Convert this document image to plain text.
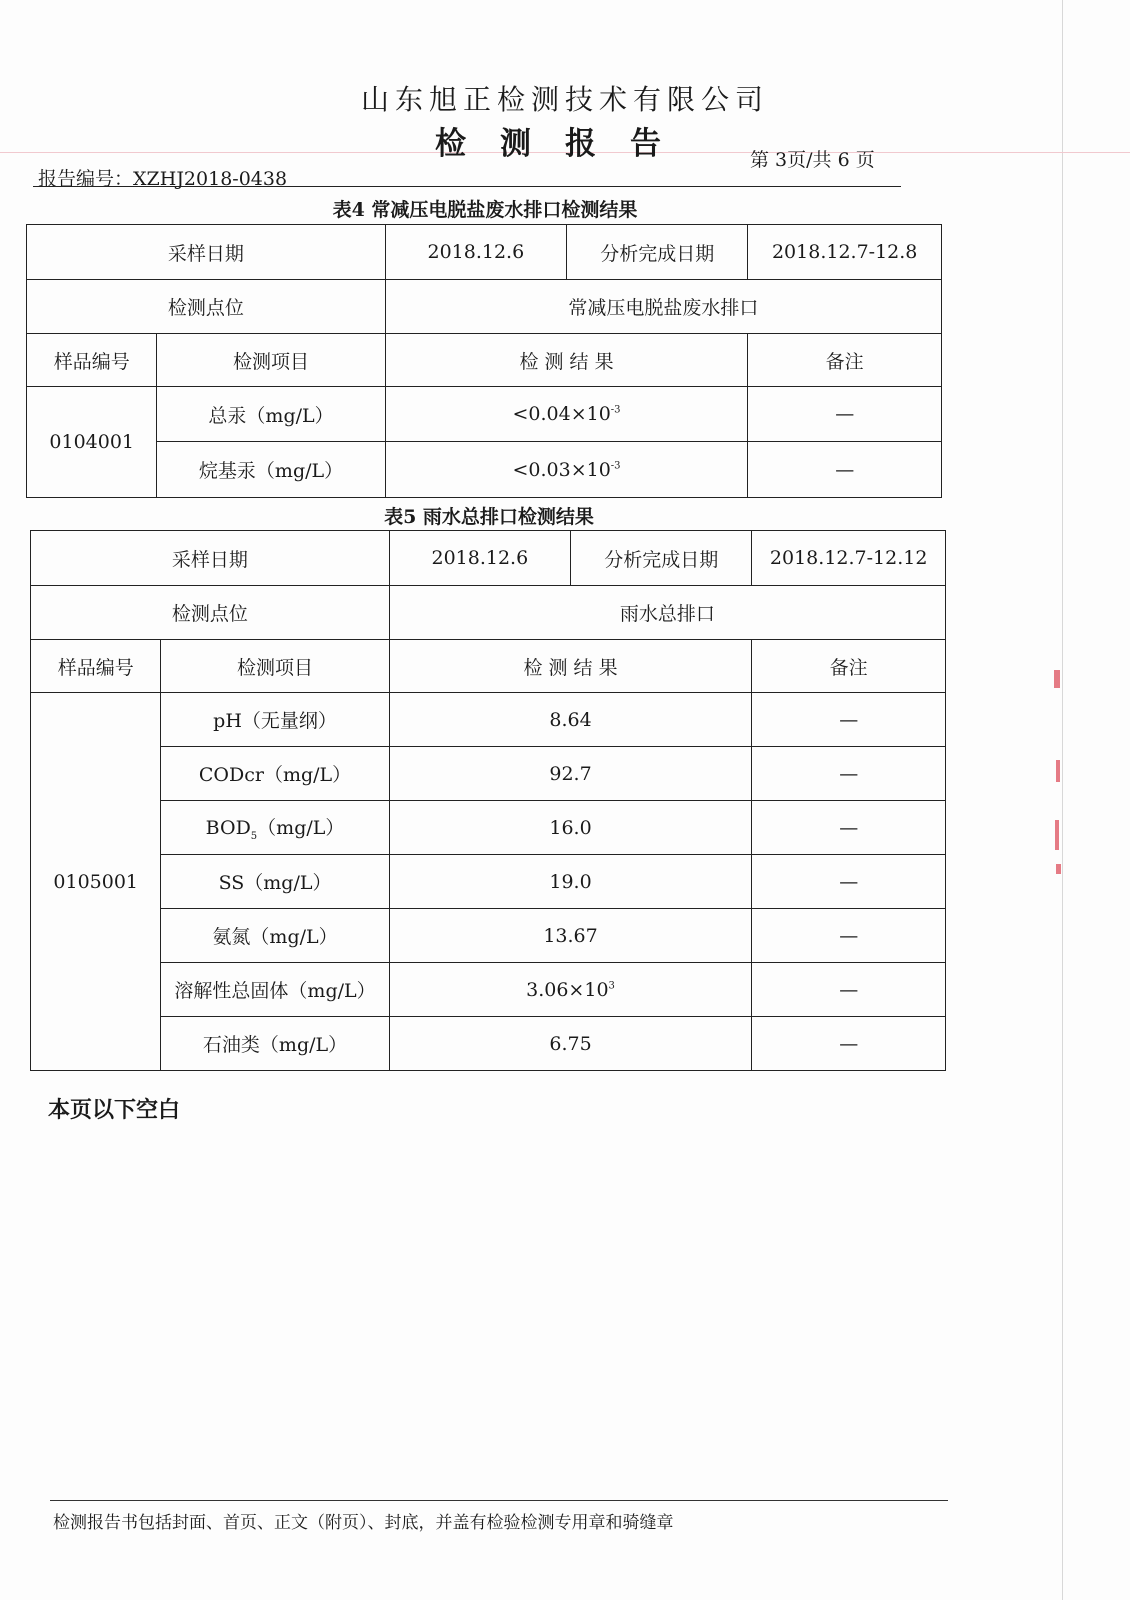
山东旭正检测技术有限公司
检测报告	第 3页/共 6 页
报告编号：XZHJ2018-0438
表4 常减压电脱盐废水排口检测结果
采样日期		2018.12.6	分析完成日期	2018.12.7-12.8
检测点位		常减压电脱盐废水排口		
样品编号	检测项目	检 测 结 果		备注
0104001	总汞（mg/L）	$<0.04\times 10^{-3}$		—
	烷基汞（mg/L）	$<0.03\times 10^{-3}$		—
表5 雨水总排口检测结果
采样日期		2018.12.6	分析完成日期	2018.12.7-12.12
检测点位		雨水总排口		
样品编号	检测项目	检 测 结 果		备注
0105001	pH（无量纲）	8.64		—
	CODcr（mg/L）	92.7		—
	$BOD_5(mg/L)$	16.0		—
	SS（mg/L）	19.0		—
	氨氮（mg/L）	13.67		—
	溶解性总固体（mg/L）	$3.06\times 10^3$		—
	石油类（mg/L）	6.75		—
本页以下空白
检测报告书包括封面、首页、正文（附页）、封底，并盖有检验检测专用章和骑缝章
